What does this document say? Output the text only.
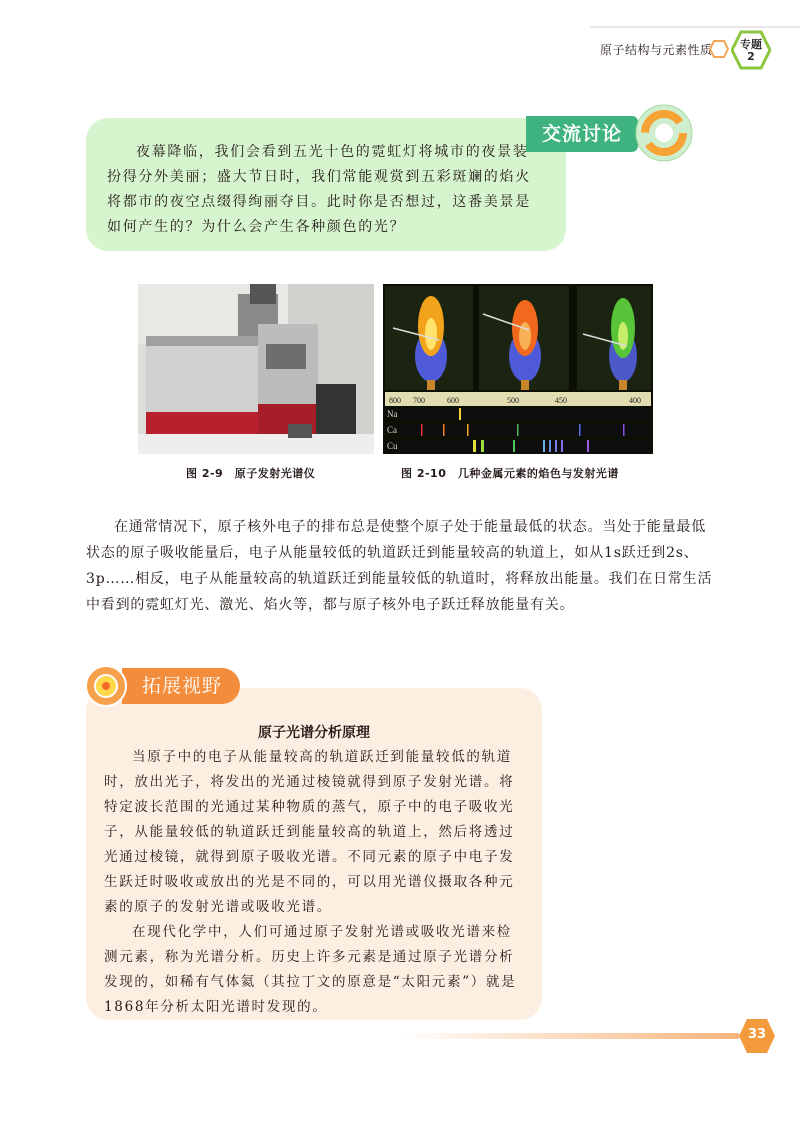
原子结构与元素性质	专题
2
交流讨论
夜幕降临，我们会看到五光十色的霓虹灯将城市的夜景装扮得分外美丽；盛大节日时，我们常能观赏到五彩斑斓的焰火将都市的夜空点缀得绚丽夺目。此时你是否想过，这番美景是如何产生的？为什么会产生各种颜色的光？
800 700	600	500	450	400
Na
Ca
Cu
图 2-9　原子发射光谱仪	图 2-10　几种金属元素的焰色与发射光谱
在通常情况下，原子核外电子的排布总是使整个原子处于能量最低的状态。当处于能量最低状态的原子吸收能量后，电子从能量较低的轨道跃迁到能量较高的轨道上，如从1s跃迁到2s、3p……相反，电子从能量较高的轨道跃迁到能量较低的轨道时，将释放出能量。我们在日常生活中看到的霓虹灯光、激光、焰火等，都与原子核外电子跃迁释放能量有关。
拓展视野
原子光谱分析原理
当原子中的电子从能量较高的轨道跃迁到能量较低的轨道时，放出光子，将发出的光通过棱镜就得到原子发射光谱。将特定波长范围的光通过某种物质的蒸气，原子中的电子吸收光子，从能量较低的轨道跃迁到能量较高的轨道上，然后将透过光通过棱镜，就得到原子吸收光谱。不同元素的原子中电子发生跃迁时吸收或放出的光是不同的，可以用光谱仪摄取各种元素的原子的发射光谱或吸收光谱。
在现代化学中，人们可通过原子发射光谱或吸收光谱来检测元素，称为光谱分析。历史上许多元素是通过原子光谱分析发现的，如稀有气体氦（其拉丁文的原意是“太阳元素”）就是1868年分析太阳光谱时发现的。
33
